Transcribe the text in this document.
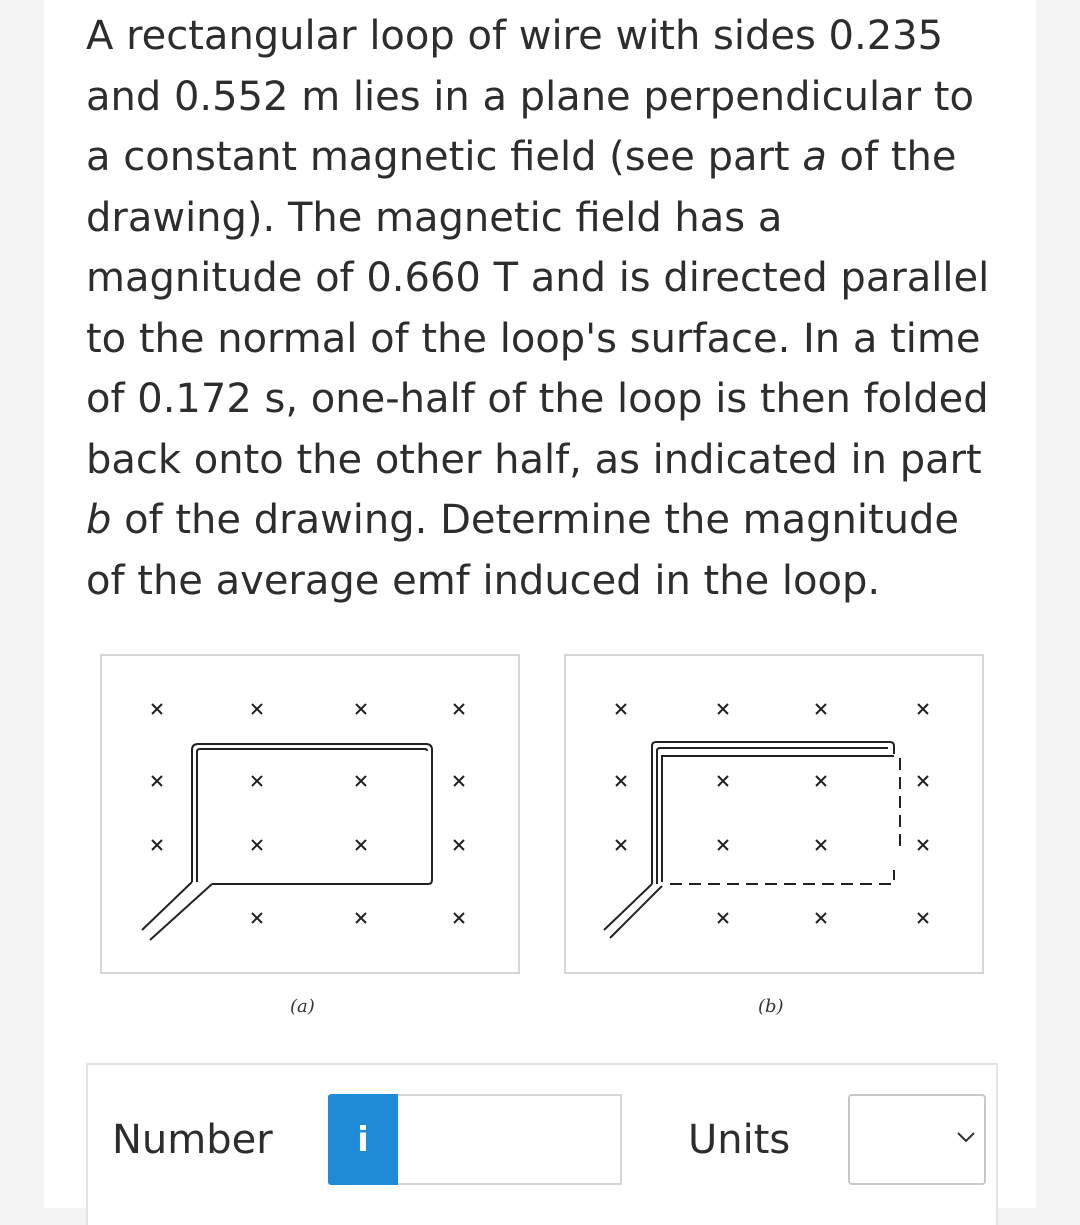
A rectangular loop of wire with sides 0.235 and 0.552 m lies in a plane perpendicular to a constant magnetic field (see part a of the drawing). The magnetic field has a magnitude of 0.660 T and is directed parallel to the normal of the loop's surface. In a time of 0.172 s, one-half of the loop is then folded back onto the other half, as indicated in part b of the drawing. Determine the magnitude of the average emf induced in the loop.

(a)	(b)
Number i	Units
